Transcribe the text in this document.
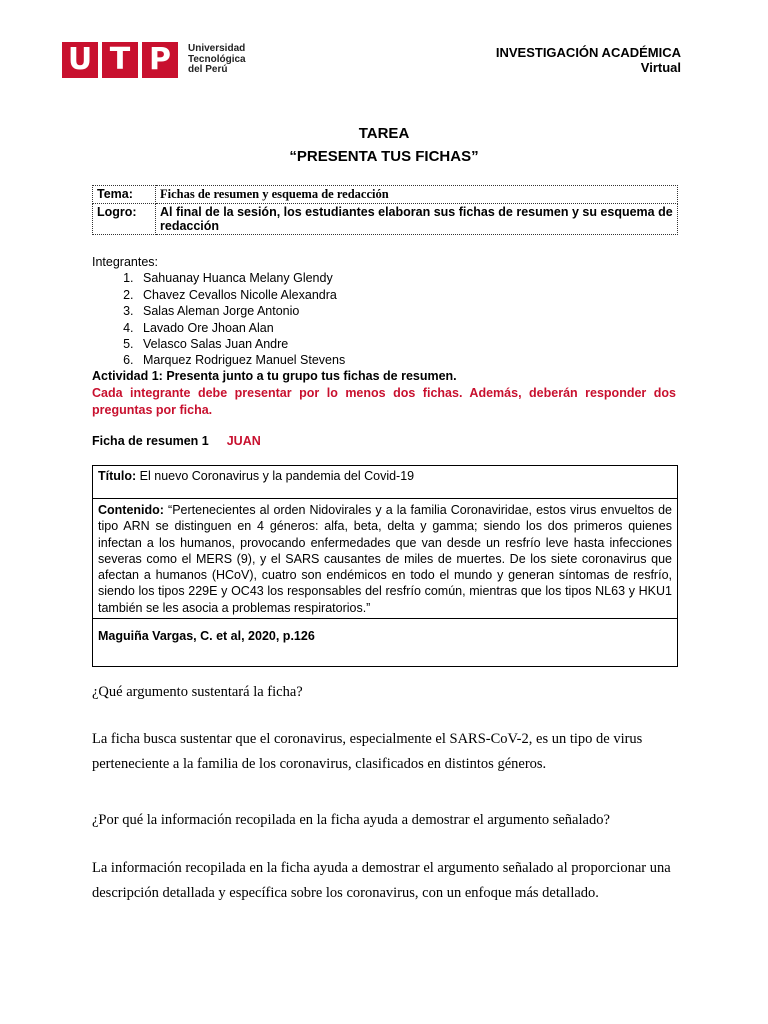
U T P	Universidad
Tecnológica
del Perú
INVESTIGACIÓN ACADÉMICA
Virtual
TAREA
“PRESENTA TUS FICHAS”
Tema:	Fichas de resumen y esquema de redacción
Logro:	Al final de la sesión, los estudiantes elaboran sus fichas de resumen y su esquema de redacción
Integrantes:
1. Sahuanay Huanca Melany Glendy
2. Chavez Cevallos Nicolle Alexandra
3. Salas Aleman Jorge Antonio
4. Lavado Ore Jhoan Alan
5. Velasco Salas Juan Andre
6. Marquez Rodriguez Manuel Stevens
Actividad 1: Presenta junto a tu grupo tus fichas de resumen.
Cada integrante debe presentar por lo menos dos fichas. Además, deberán responder dos preguntas por ficha.
Ficha de resumen 1 JUAN
Título: El nuevo Coronavirus y la pandemia del Covid-19
Contenido: “Pertenecientes al orden Nidovirales y a la familia Coronaviridae, estos virus envueltos de tipo ARN se distinguen en 4 géneros: alfa, beta, delta y gamma; siendo los dos primeros quienes infectan a los humanos, provocando enfermedades que van desde un resfrío leve hasta infecciones severas como el MERS (9), y el SARS causantes de miles de muertes. De los siete coronavirus que afectan a humanos (HCoV), cuatro son endémicos en todo el mundo y generan síntomas de resfrío, siendo los tipos 229E y OC43 los responsables del resfrío común, mientras que los tipos NL63 y HKU1 también se les asocia a problemas respiratorios.”
Maguiña Vargas, C. et al, 2020, p.126
¿Qué argumento sustentará la ficha?
La ficha busca sustentar que el coronavirus, especialmente el SARS-CoV-2, es un tipo de virus perteneciente a la familia de los coronavirus, clasificados en distintos géneros.
¿Por qué la información recopilada en la ficha ayuda a demostrar el argumento señalado?
La información recopilada en la ficha ayuda a demostrar el argumento señalado al proporcionar una descripción detallada y específica sobre los coronavirus, con un enfoque más detallado.
